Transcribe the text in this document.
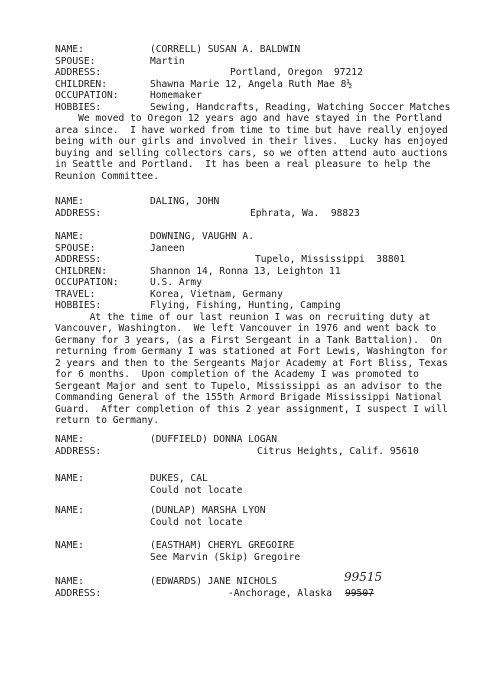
NAME:	(CORRELL) SUSAN A. BALDWIN
SPOUSE:	Martin
ADDRESS:	Portland, Oregon  97212
CHILDREN:	Shawna Marie 12, Angela Ruth Mae 8½
OCCUPATION:	Homemaker
HOBBIES:	Sewing, Handcrafts, Reading, Watching Soccer Matches

We moved to Oregon 12 years ago and have stayed in the Portland

area since.  I have worked from time to time but have really enjoyed

being with our girls and involved in their lives.  Lucky has enjoyed

buying and selling collectors cars, so we often attend auto auctions

in Seattle and Portland.  It has been a real pleasure to help the

Reunion Committee.

NAME:	DALING, JOHN
ADDRESS:	Ephrata, Wa.  98823
NAME:	DOWNING, VAUGHN A.
SPOUSE:	Janeen
ADDRESS:	Tupelo, Mississippi  38801
CHILDREN:	Shannon 14, Ronna 13, Leighton 11
OCCUPATION:	U.S. Army
TRAVEL:	Korea, Vietnam, Germany
HOBBIES:	Flying, Fishing, Hunting, Camping

At the time of our last reunion I was on recruiting duty at

Vancouver, Washington.  We left Vancouver in 1976 and went back to

Germany for 3 years, (as a First Sergeant in a Tank Battalion).  On

returning from Germany I was stationed at Fort Lewis, Washington for

2 years and then to the Sergeants Major Academy at Fort Bliss, Texas

for 6 months.  Upon completion of the Academy I was promoted to

Sergeant Major and sent to Tupelo, Mississippi as an advisor to the

Commanding General of the 155th Armord Brigade Mississippi National

Guard.  After completion of this 2 year assignment, I suspect I will

return to Germany.

NAME:	(DUFFIELD) DONNA LOGAN
ADDRESS:	Citrus Heights, Calif. 95610
NAME:	DUKES, CAL
Could not locate
NAME:	(DUNLAP) MARSHA LYON
Could not locate
NAME:	(EASTHAM) CHERYL GREGOIRE
See Marvin (Skip) Gregoire
NAME:	(EDWARDS) JANE NICHOLS
ADDRESS:	-Anchorage, Alaska 99507
99515
